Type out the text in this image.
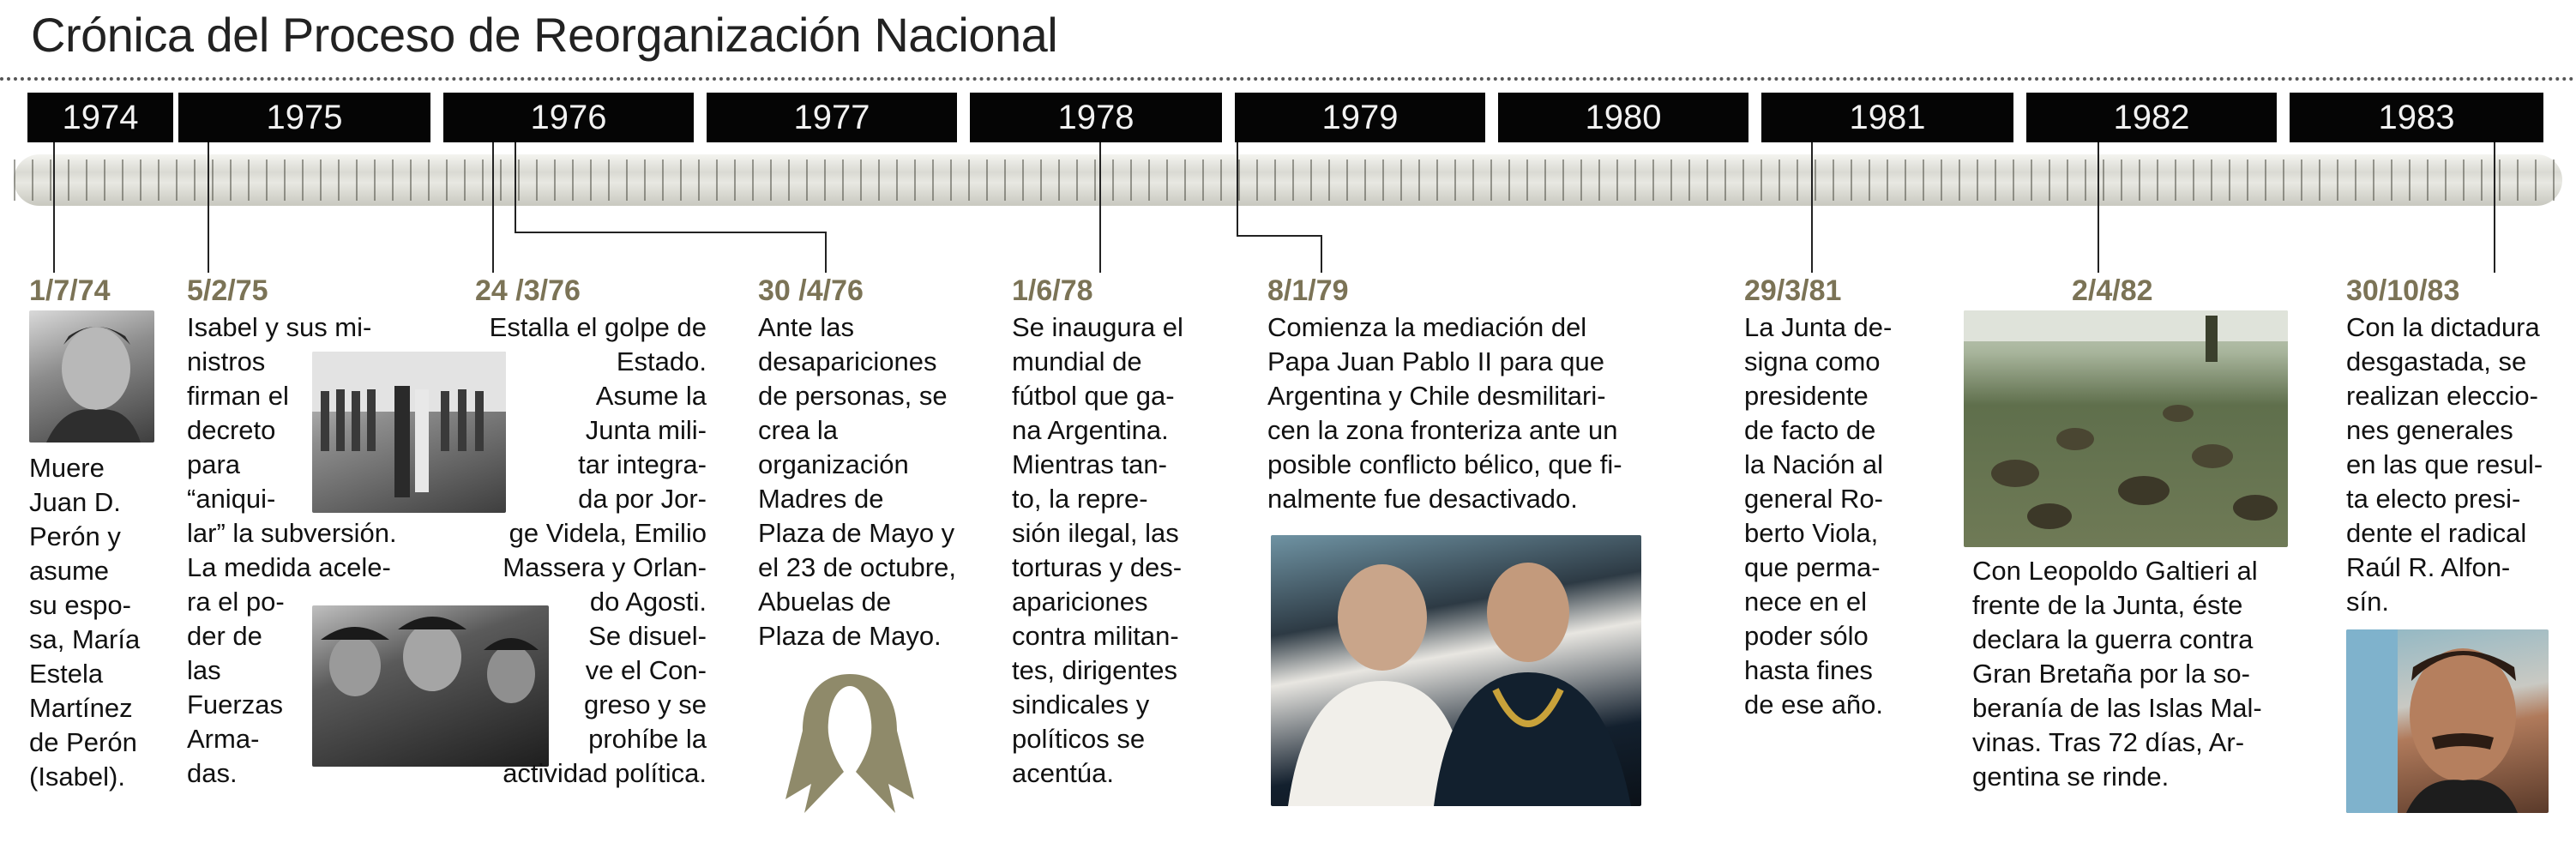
Crónica del Proceso de Reorganización Nacional
1974	1975	1976	1977	1978	1979	1980	1981	1982	1983
1/7/74
Muere
Juan D.
Perón y
asume
su espo-
sa, María
Estela
Martínez
de Perón
(Isabel).
5/2/75
Isabel y sus mi-
nistros
firman el
decreto
para
“aniqui-
lar” la subversión.
La medida acele-
ra el po-
der de
las
Fuerzas
Arma-
das.
24 /3/76
Estalla el golpe de
Estado.
Asume la
Junta mili-
tar integra-
da por Jor-
ge Videla, Emilio
Massera y Orlan-
do Agosti.
Se disuel-
ve el Con-
greso y se
prohíbe la
actividad política.
30 /4/76
Ante las
desapariciones
de personas, se
crea la
organización
Madres de
Plaza de Mayo y
el 23 de octubre,
Abuelas de
Plaza de Mayo.
1/6/78
Se inaugura el
mundial de
fútbol que ga-
na Argentina.
Mientras tan-
to, la repre-
sión ilegal, las
torturas y des-
apariciones
contra militan-
tes, dirigentes
sindicales y
políticos se
acentúa.
8/1/79
Comienza la mediación del
Papa Juan Pablo II para que
Argentina y Chile desmilitari-
cen la zona fronteriza ante un
posible conflicto bélico, que fi-
nalmente fue desactivado.
29/3/81
La Junta de-
signa como
presidente
de facto de
la Nación al
general Ro-
berto Viola,
que perma-
nece en el
poder sólo
hasta fines
de ese año.
2/4/82
Con Leopoldo Galtieri al
frente de la Junta, éste
declara la guerra contra
Gran Bretaña por la so-
beranía de las Islas Mal-
vinas. Tras 72 días, Ar-
gentina se rinde.
30/10/83
Con la dictadura
desgastada, se
realizan eleccio-
nes generales
en las que resul-
ta electo presi-
dente el radical
Raúl R. Alfon-
sín.
